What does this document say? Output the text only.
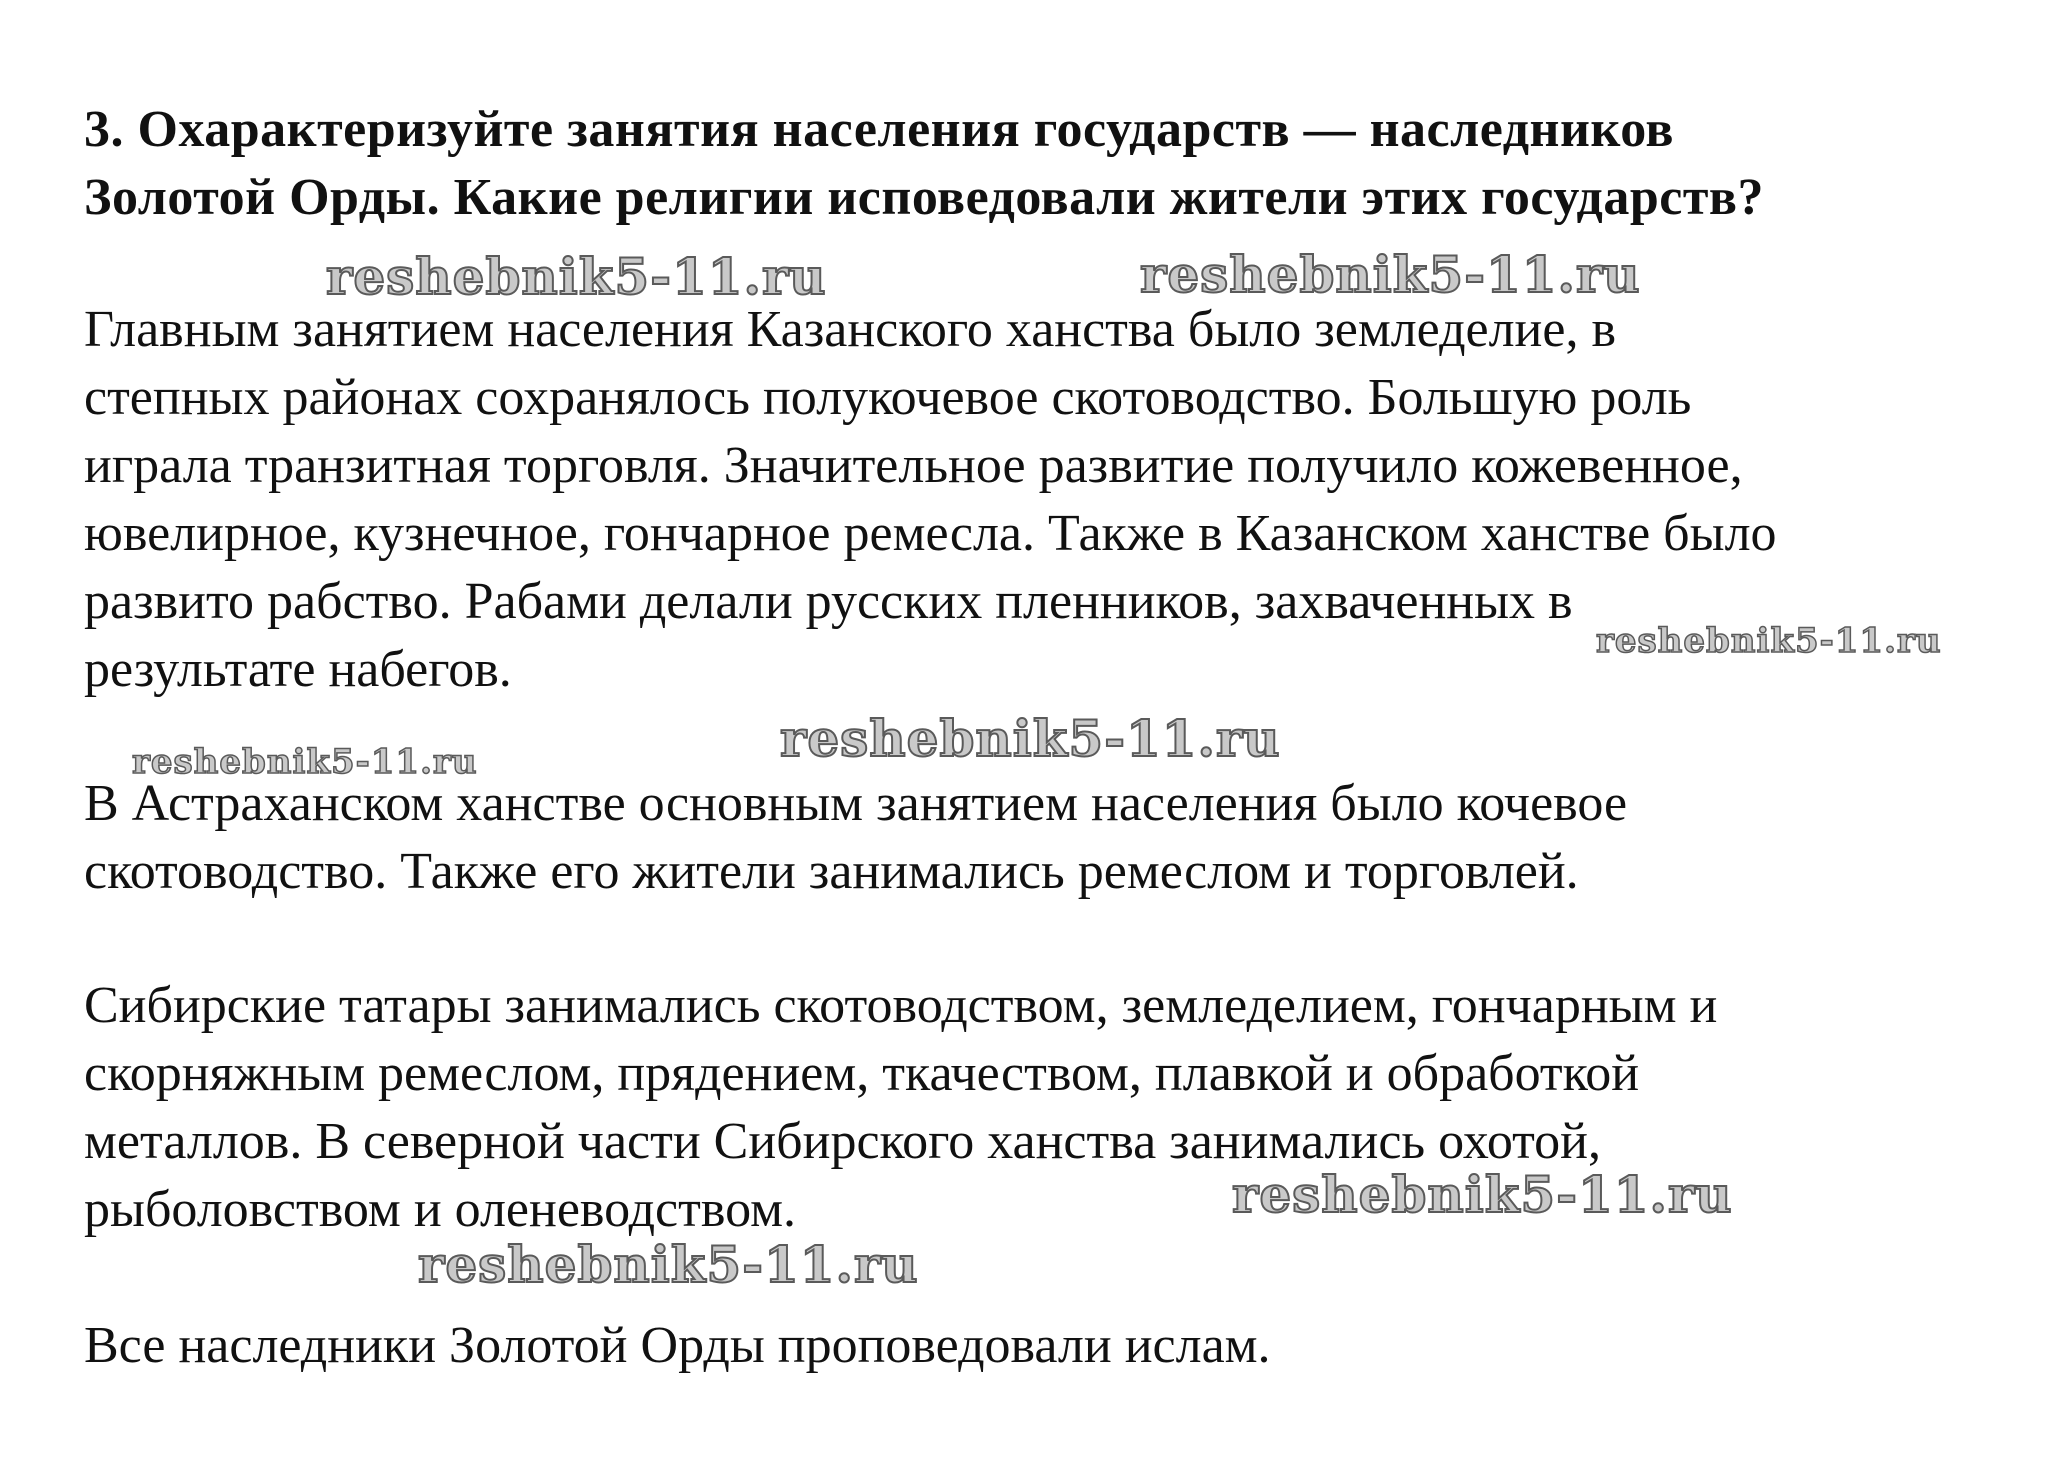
3. Охарактеризуйте занятия населения государств — наследников
Золотой Орды. Какие религии исповедовали жители этих государств?

Главным занятием населения Казанского ханства было земледелие, в
степных районах сохранялось полукочевое скотоводство. Большую роль
играла транзитная торговля. Значительное развитие получило кожевенное,
ювелирное, кузнечное, гончарное ремесла. Также в Казанском ханстве было
развито рабство. Рабами делали русских пленников, захваченных в
результате набегов.

В Астраханском ханстве основным занятием населения было кочевое
скотоводство. Также его жители занимались ремеслом и торговлей.

Сибирские татары занимались скотоводством, земледелием, гончарным и
скорняжным ремеслом, прядением, ткачеством, плавкой и обработкой
металлов. В северной части Сибирского ханства занимались охотой,
рыболовством и оленеводством.

Все наследники Золотой Орды проповедовали ислам.

reshebnik5-11.ru	reshebnik5-11.ru
reshebnik5-11.ru
reshebnik5-11.ru	reshebnik5-11.ru
reshebnik5-11.ru
reshebnik5-11.ru
